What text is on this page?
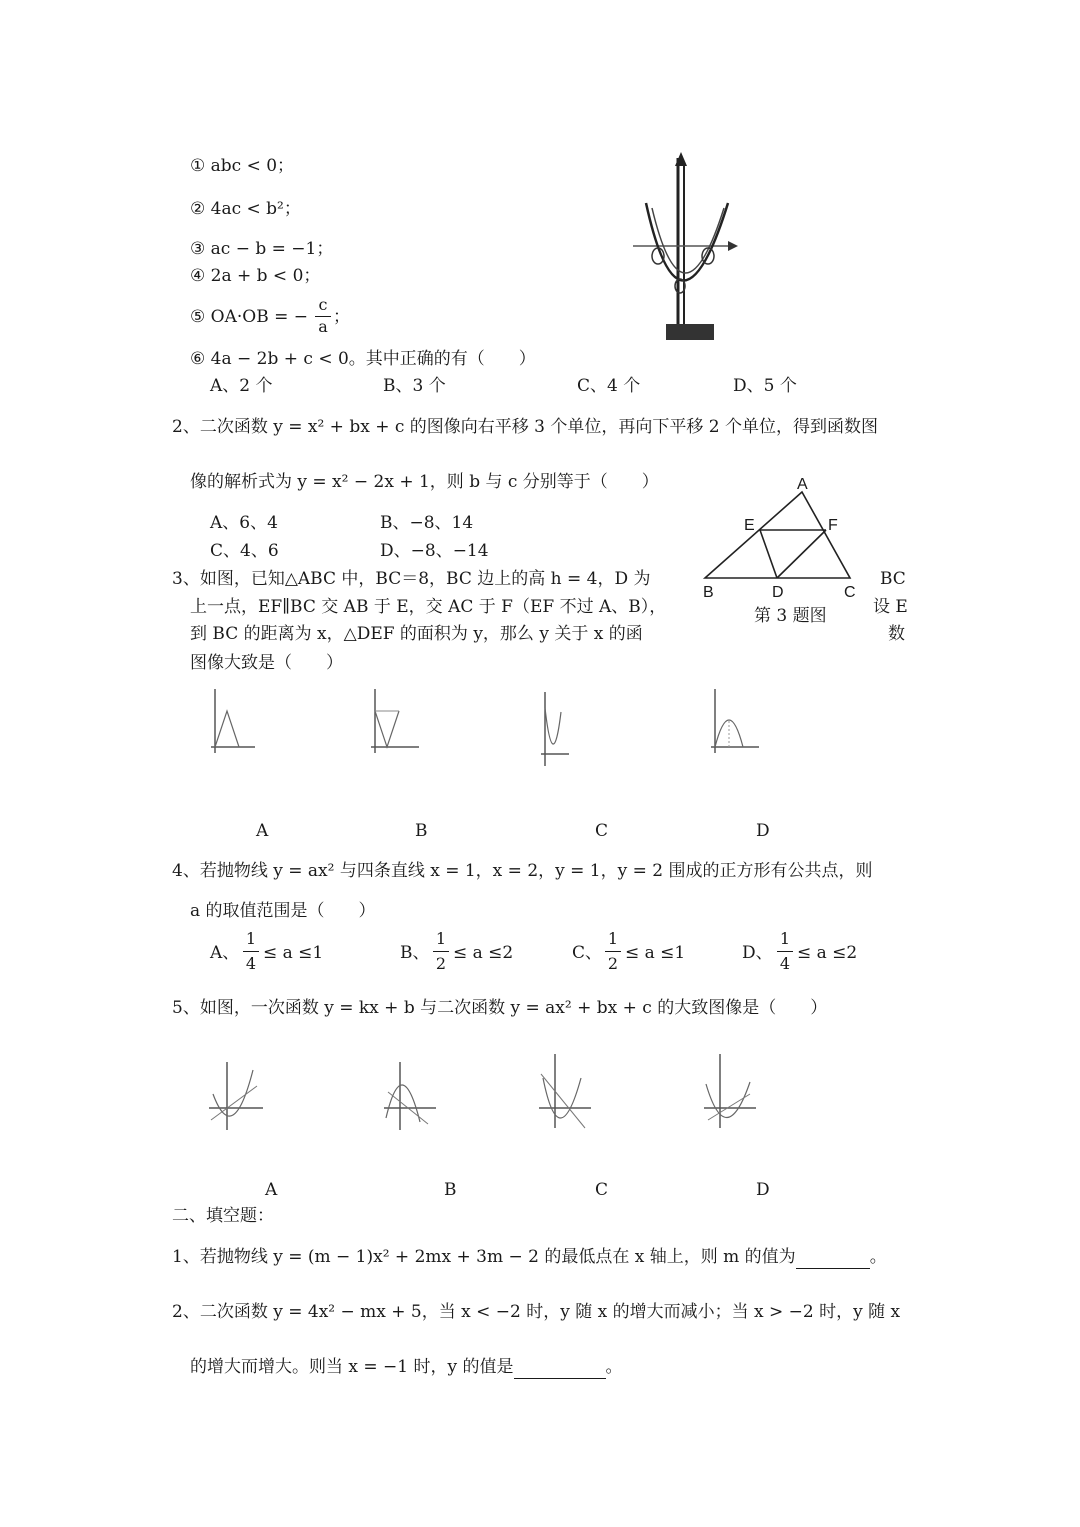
① abc < 0；
② 4ac < b²；
③ ac − b = −1；
④ 2a + b < 0；
⑤ OA·OB = −
c
a ；
⑥ 4a − 2b + c < 0。其中正确的有（　　）
A、2 个	B、3 个	C、4 个	D、5 个
2、二次函数 y = x² + bx + c 的图像向右平移 3 个单位，再向下平移 2 个单位，得到函数图
像的解析式为 y = x² − 2x + 1，则 b 与 c 分别等于（　　）
A、6、4	B、−8、14
C、4、6	D、−8、−14
A
E	F
B	D	C
第 3 题图
3、如图，已知△ABC 中，BC＝8，BC 边上的高 h = 4，D 为
上一点，EF∥BC 交 AB 于 E，交 AC 于 F（EF 不过 A、B），
到 BC 的距离为 x，△DEF 的面积为 y，那么 y 关于 x 的函
图像大致是（　　）
BC
设 E
数
A	B	C	D
4、若抛物线 y = ax² 与四条直线 x = 1，x = 2，y = 1，y = 2 围成的正方形有公共点，则
a 的取值范围是（　　）
A、
1
4
≤ a ≤1	B、
1
2
≤ a ≤2	C、
1
2
≤ a ≤1	D、
1
4
≤ a ≤2
5、如图，一次函数 y = kx + b 与二次函数 y = ax² + bx + c 的大致图像是（　　）
A	B	C	D
二、填空题：
1、若抛物线 y = (m − 1)x² + 2mx + 3m − 2 的最低点在 x 轴上，则 m 的值为	。
2、二次函数 y = 4x² − mx + 5，当 x < −2 时，y 随 x 的增大而减小；当 x > −2 时，y 随 x
的增大而增大。则当 x = −1 时，y 的值是	。
